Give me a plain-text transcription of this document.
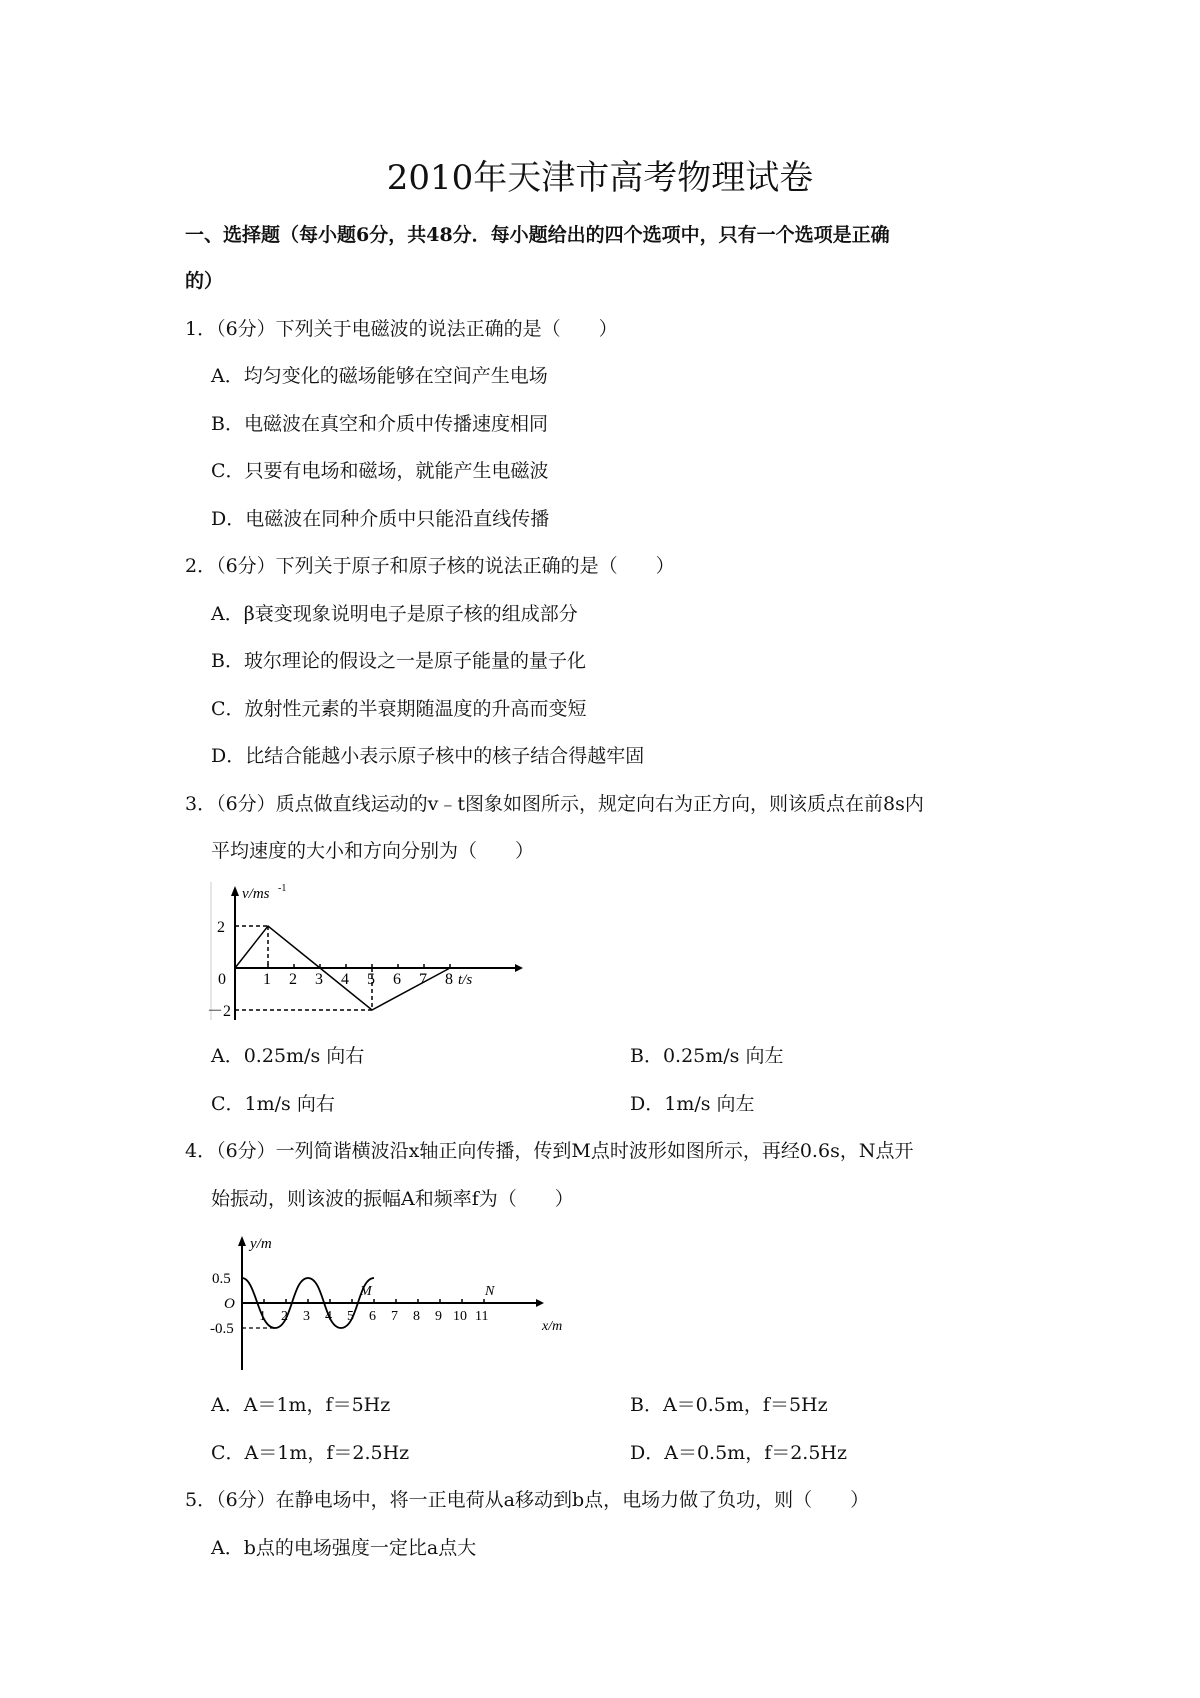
2010年天津市高考物理试卷
一、选择题（每小题6分，共48分．每小题给出的四个选项中，只有一个选项是正确
的）
1．（6分）下列关于电磁波的说法正确的是（　　）
A．均匀变化的磁场能够在空间产生电场
B．电磁波在真空和介质中传播速度相同
C．只要有电场和磁场，就能产生电磁波
D．电磁波在同种介质中只能沿直线传播
2．（6分）下列关于原子和原子核的说法正确的是（　　）
A．β衰变现象说明电子是原子核的组成部分
B．玻尔理论的假设之一是原子能量的量子化
C．放射性元素的半衰期随温度的升高而变短
D．比结合能越小表示原子核中的核子结合得越牢固
3．（6分）质点做直线运动的v﹣t图象如图所示，规定向右为正方向，则该质点在前8s内
平均速度的大小和方向分别为（　　）
v/ms -1
2
－2
0 1 2 3 4 5 6 7 8 t/s
A．0.25m/s 向右	B．0.25m/s 向左
C．1m/s 向右	D．1m/s 向左
4．（6分）一列简谐横波沿x轴正向传播，传到M点时波形如图所示，再经0.6s，N点开
始振动，则该波的振幅A和频率f为（　　）
0.5
-0.5
O
y/m
1 2 3 4 5 6 7 8 9 10 11
M	N
x/m
A．A＝1m，f＝5Hz	B．A＝0.5m，f＝5Hz
C．A＝1m，f＝2.5Hz	D．A＝0.5m，f＝2.5Hz
5．（6分）在静电场中，将一正电荷从a移动到b点，电场力做了负功，则（　　）
A．b点的电场强度一定比a点大
